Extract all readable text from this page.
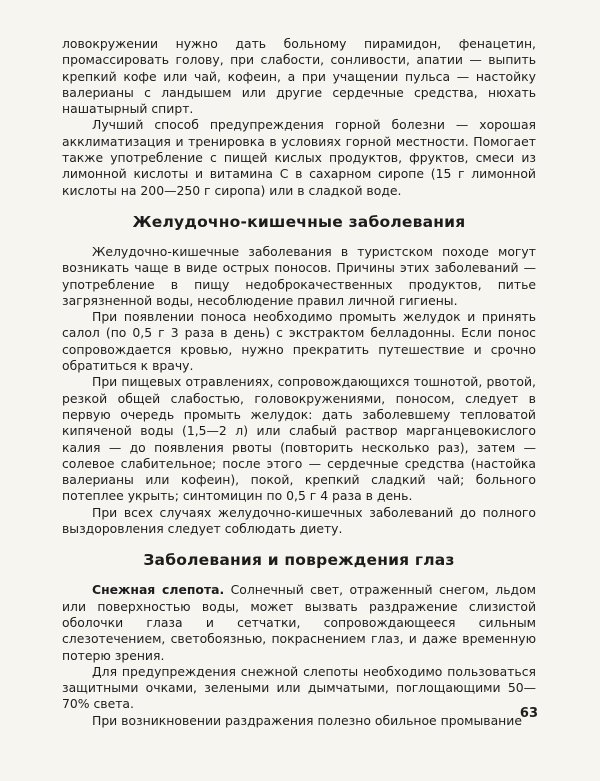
ловокружении нужно дать больному пирамидон, фенацетин, промассировать голову, при слабости, сонливости, апатии — выпить крепкий кофе или чай, кофеин, а при учащении пульса — настойку валерианы с ландышем или другие сердечные средства, нюхать нашатырный спирт.

Лучший способ предупреждения горной болезни — хорошая акклиматизация и тренировка в условиях горной местности. Помогает также употребление с пищей кислых продуктов, фруктов, смеси из лимонной кислоты и витамина С в сахарном сиропе (15 г лимонной кислоты на 200—250 г сиропа) или в сладкой воде.

Желудочно-кишечные заболевания

Желудочно-кишечные заболевания в туристском походе могут возникать чаще в виде острых поносов. Причины этих заболеваний — употребление в пищу недоброкачественных продуктов, питье загрязненной воды, несоблюдение правил личной гигиены.

При появлении поноса необходимо промыть желудок и принять салол (по 0,5 г 3 раза в день) с экстрактом белладонны. Если понос сопровождается кровью, нужно прекратить путешествие и срочно обратиться к врачу.

При пищевых отравлениях, сопровождающихся тошнотой, рвотой, резкой общей слабостью, головокружениями, поносом, следует в первую очередь промыть желудок: дать заболевшему тепловатой кипяченой воды (1,5—2 л) или слабый раствор марганцевокислого калия — до появления рвоты (повторить несколько раз), затем — солевое слабительное; после этого — сердечные средства (настойка валерианы или кофеин), покой, крепкий сладкий чай; больного потеплее укрыть; синтомицин по 0,5 г 4 раза в день.

При всех случаях желудочно-кишечных заболеваний до полного выздоровления следует соблюдать диету.

Заболевания и повреждения глаз

Снежная слепота. Солнечный свет, отраженный снегом, льдом или поверхностью воды, может вызвать раздражение слизистой оболочки глаза и сетчатки, сопровождающееся сильным слезотечением, светобоязнью, покраснением глаз, и даже временную потерю зрения.

Для предупреждения снежной слепоты необходимо пользоваться защитными очками, зелеными или дымчатыми, поглощающими 50—70% света.

При возникновении раздражения полезно обильное промывание

63
